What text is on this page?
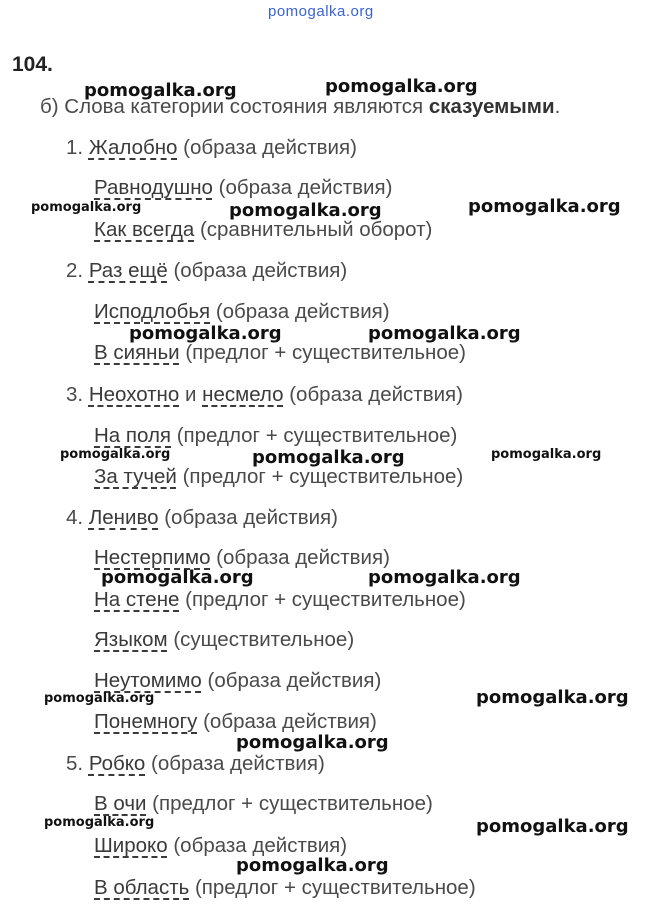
pomogalka.org
104.
б) Слова категории состояния являются сказуемыми.
1. Жалобно (образа действия)
Равнодушно (образа действия)
Как всегда (сравнительный оборот)
2. Раз ещё (образа действия)
Исподлобья (образа действия)
В сияньи (предлог + существительное)
3. Неохотно и несмело (образа действия)
На поля (предлог + существительное)
За тучей (предлог + существительное)
4. Лениво (образа действия)
Нестерпимо (образа действия)
На стене (предлог + существительное)
Языком (существительное)
Неутомимо (образа действия)
Понемногу (образа действия)
5. Робко (образа действия)
В очи (предлог + существительное)
Широко (образа действия)
В область (предлог + существительное)
pomogalka.org	pomogalka.org
pomogalka.org	pomogalka.org	pomogalka.org
pomogalka.org	pomogalka.org
pomogalka.org	pomogalka.org	pomogalka.org
pomogalka.org	pomogalka.org
pomogalka.org	pomogalka.org
pomogalka.org
pomogalka.org	pomogalka.org
pomogalka.org
